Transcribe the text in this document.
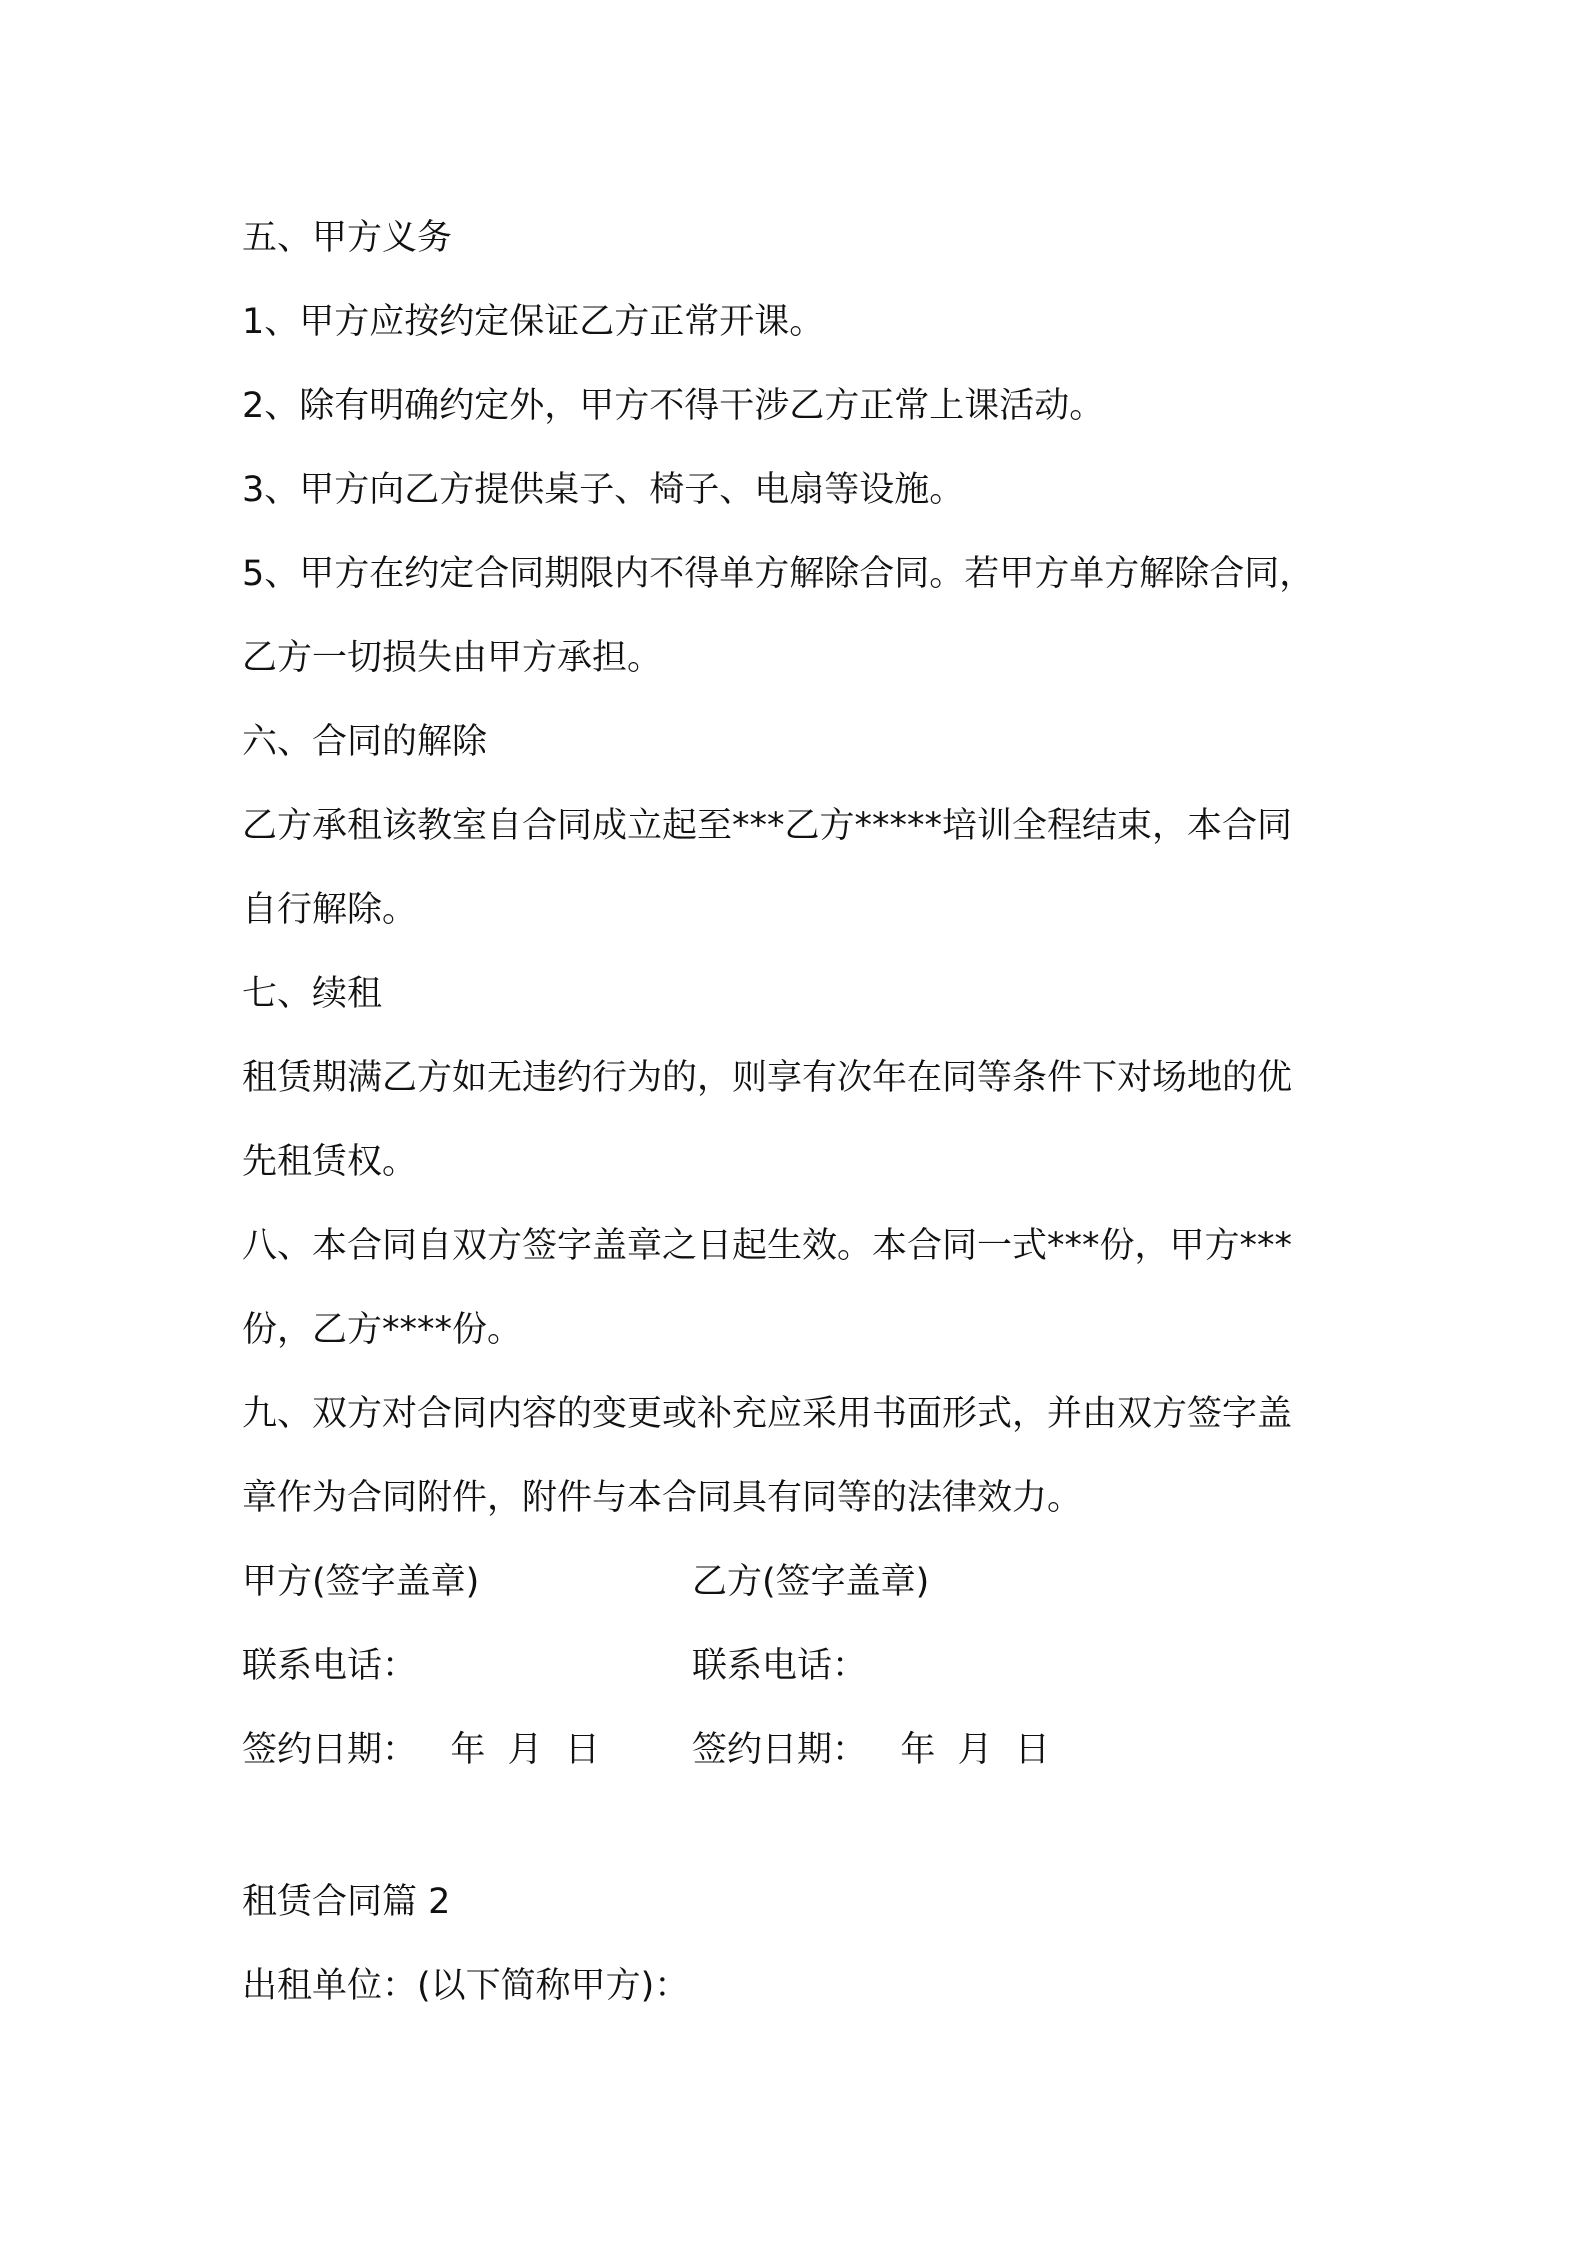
五、甲方义务
1、甲方应按约定保证乙方正常开课。
2、除有明确约定外，甲方不得干涉乙方正常上课活动。
3、甲方向乙方提供桌子、椅子、电扇等设施。
5、甲方在约定合同期限内不得单方解除合同。若甲方单方解除合同，
乙方一切损失由甲方承担。
六、合同的解除
乙方承租该教室自合同成立起至***乙方*****培训全程结束，本合同
自行解除。
七、续租
租赁期满乙方如无违约行为的，则享有次年在同等条件下对场地的优
先租赁权。
八、本合同自双方签字盖章之日起生效。本合同一式***份，甲方***
份，乙方****份。
九、双方对合同内容的变更或补充应采用书面形式，并由双方签字盖
章作为合同附件，附件与本合同具有同等的法律效力。
甲方(签字盖章)	乙方(签字盖章)
联系电话：	联系电话：
签约日期：   年  月  日	签约日期：   年  月  日
租赁合同篇 2
出租单位：(以下简称甲方)：
